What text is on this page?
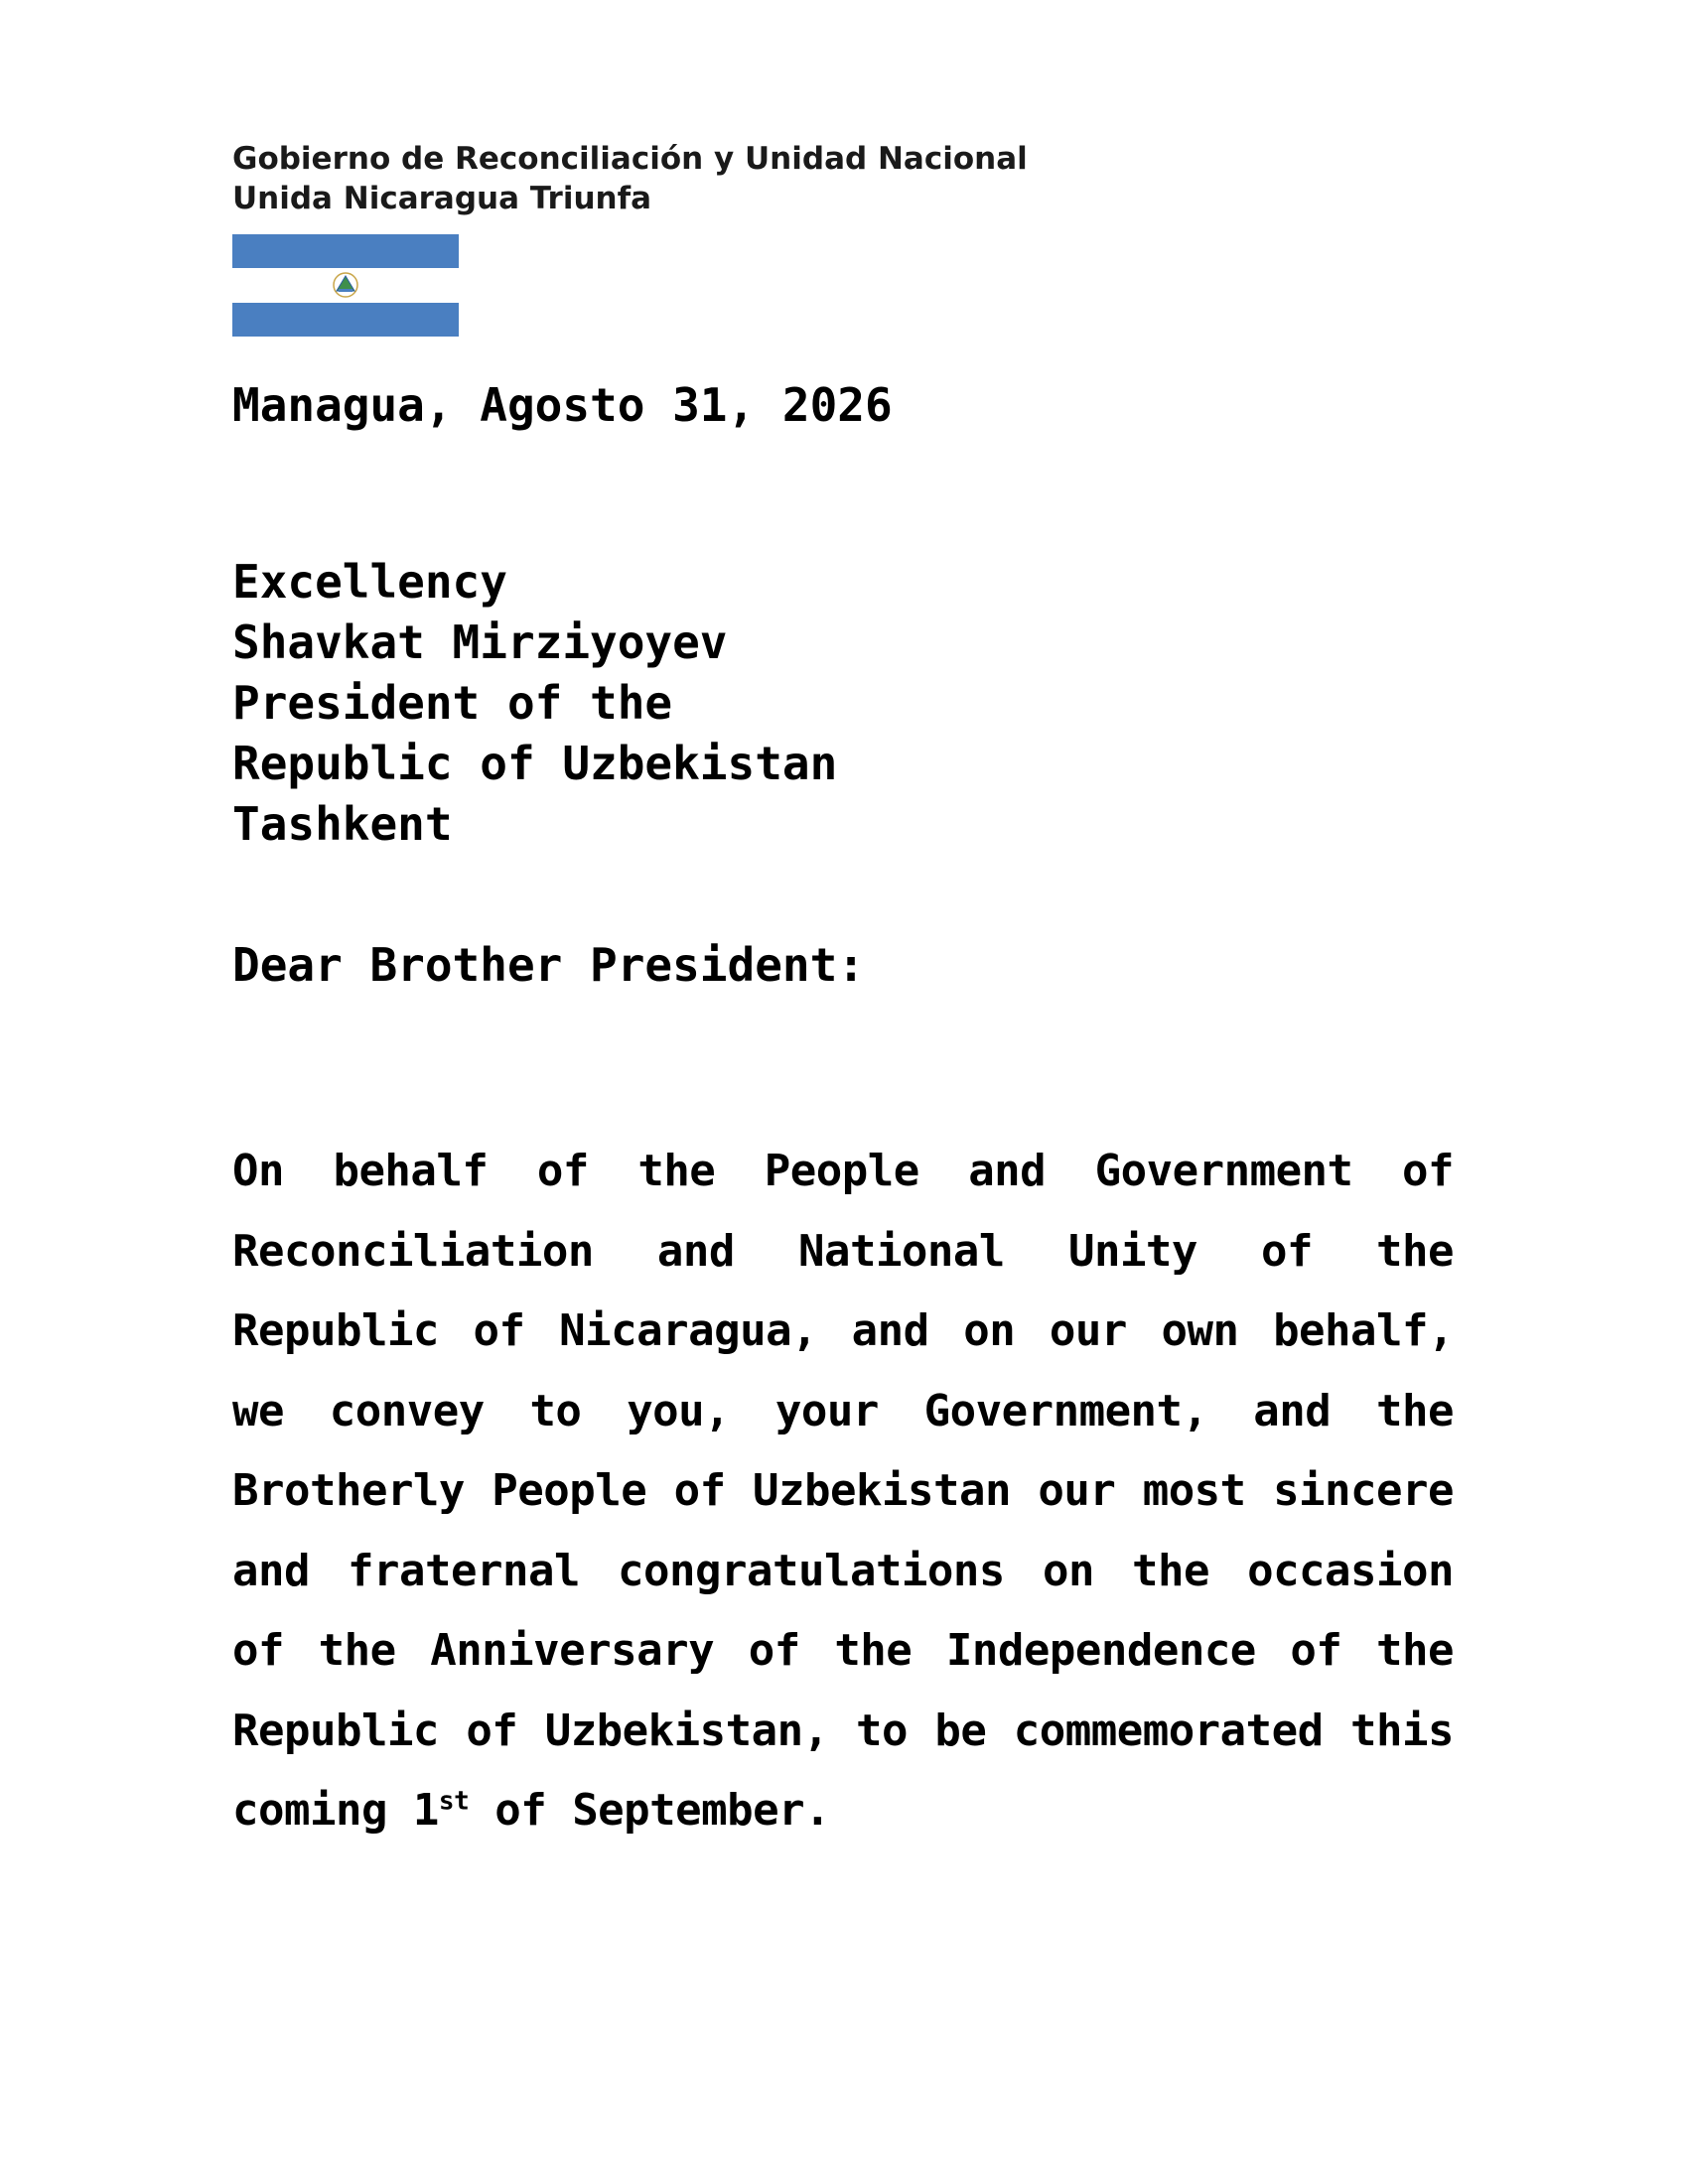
Gobierno de Reconciliación y Unidad Nacional
Unida Nicaragua Triunfa
Managua, Agosto 31, 2026
Excellency
Shavkat Mirziyoyev
President of the
Republic of Uzbekistan
Tashkent
Dear Brother President:
On behalf of the People and Government of Reconciliation and National Unity of the Republic of Nicaragua, and on our own behalf, we convey to you, your Government, and the Brotherly People of Uzbekistan our most sincere and fraternal congratulations on the occasion of the Anniversary of the Independence of the Republic of Uzbekistan, to be commemorated this coming 1st of September.
